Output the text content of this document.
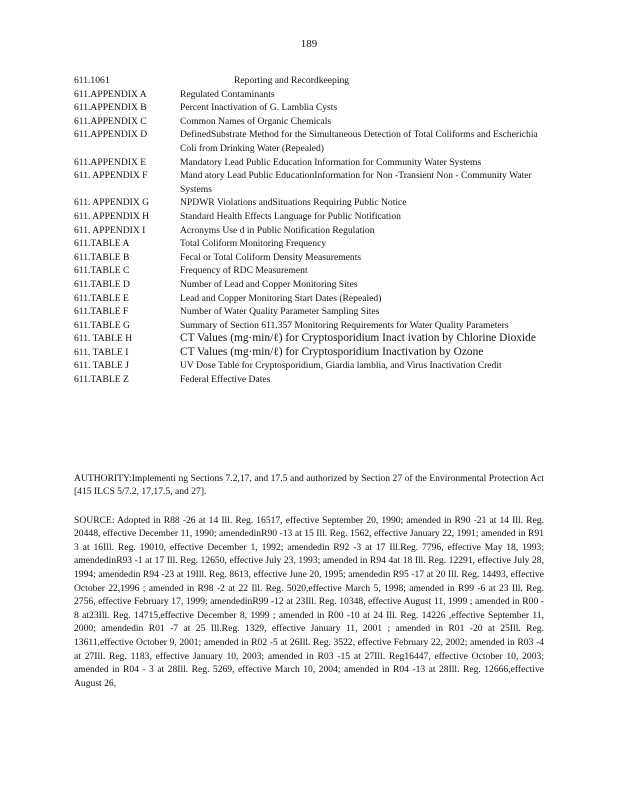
189
611.1061	Reporting and Recordkeeping
611.APPENDIX A	Regulated Contaminants
611.APPENDIX B	Percent Inactivation of G. Lamblia Cysts
611.APPENDIX C	Common Names of Organic Chemicals
611.APPENDIX D	DefinedSubstrate Method for the Simultaneous Detection of Total Coliforms and Escherichia Coli from Drinking Water (Repealed)
611.APPENDIX E	Mandatory Lead Public Education Information for Community Water Systems
611. APPENDIX F	Mand atory Lead Public EducationInformation for Non -Transient Non - Community Water Systems
611. APPENDIX G	NPDWR Violations andSituations Requiring Public Notice
611. APPENDIX H	Standard Health Effects Language for Public Notification
611. APPENDIX I	Acronyms Use d in Public Notification Regulation
611.TABLE A	Total Coliform Monitoring Frequency
611.TABLE B	Fecal or Total Coliform Density Measurements
611.TABLE C	Frequency of RDC Measurement
611.TABLE D	Number of Lead and Copper Monitoring Sites
611.TABLE E	Lead and Copper Monitoring Start Dates (Repealed)
611.TABLE F	Number of Water Quality Parameter Sampling Sites
611.TABLE G	Summary of Section 611.357 Monitoring Requirements for Water Quality Parameters
611. TABLE H	CT Values (mg·min/ℓ) for Cryptosporidium Inact ivation by Chlorine Dioxide
611. TABLE I	CT Values (mg·min/ℓ) for Cryptosporidium Inactivation by Ozone
611. TABLE J	UV Dose Table for Cryptosporidium, Giardia lamblia, and Virus Inactivation Credit
611.TABLE Z	Federal Effective Dates

AUTHORITY:Implementi ng Sections 7.2,17, and 17.5 and authorized by Section 27 of the Environmental Protection Act [415 ILCS 5/7.2, 17,17.5, and 27].

SOURCE: Adopted in R88 -26 at 14 Ill. Reg. 16517, effective September 20, 1990; amended in R90 -21 at 14 Ill. Reg. 20448, effective December 11, 1990; amendedinR90 -13 at 15 Ill. Reg. 1562, effective January 22, 1991; amended in R91 3 at 16Ill. Reg. 19010, effective December 1, 1992; amendedin R92 -3 at 17 Ill.Reg. 7796, effective May 18, 1993; amendedinR93 -1 at 17 Ill. Reg. 12650, effective July 23, 1993; amended in R94 4at 18 Ill. Reg. 12291, effective July 28, 1994; amendedin R94 -23 at 19Ill. Reg. 8613, effective June 20, 1995; amendedin R95 -17 at 20 Ill. Reg. 14493, effective October 22,1996 ; amended in R98 -2 at 22 Ill. Reg. 5020,effective March 5, 1998; amended in R99 -6 at 23 Ill. Reg. 2756, effective February 17, 1999; amendedinR99 -12 at 23Ill. Reg. 10348, effective August 11, 1999 ; amended in R00 - 8 at23Ill. Reg. 14715,effective December 8, 1999 ; amended in R00 -10 at 24 Ill. Reg. 14226 ,effective September 11, 2000; amendedin R01 -7 at 25 Ill.Reg. 1329, effective January 11, 2001 ; amended in R01 -20 at 25Ill. Reg. 13611,effective October 9, 2001; amended in R02 -5 at 26Ill. Reg. 3522, effective February 22, 2002; amended in R03 -4 at 27Ill. Reg. 1183, effective January 10, 2003; amended in R03 -15 at 27Ill. Reg16447, effective October 10, 2003; amended in R04 - 3 at 28Ill. Reg. 5269, effective March 10, 2004; amended in R04 -13 at 28Ill. Reg. 12666,effective August 26,
